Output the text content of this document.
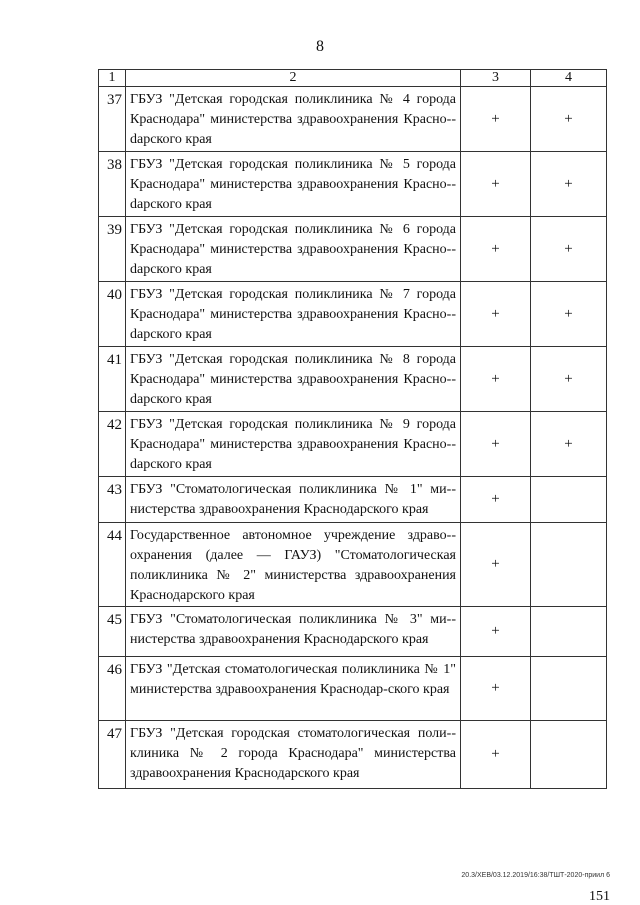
8
1	2	3	4
37	ГБУЗ "Детская городская поликлиника № 4 города Краснодара" министерства здравоохранения Красно-dарского края	+	+
38	ГБУЗ "Детская городская поликлиника № 5 города Краснодара" министерства здравоохранения Красно-dарского края	+	+
39	ГБУЗ "Детская городская поликлиника № 6 города Краснодара" министерства здравоохранения Красно-dарского края	+	+
40	ГБУЗ "Детская городская поликлиника № 7 города Краснодара" министерства здравоохранения Красно-dарского края	+	+
41	ГБУЗ "Детская городская поликлиника № 8 города Краснодара" министерства здравоохранения Красно-dарского края	+	+
42	ГБУЗ "Детская городская поликлиника № 9 города Краснодара" министерства здравоохранения Красно-dарского края	+	+
43	ГБУЗ "Стоматологическая поликлиника № 1" ми-нистерства здравоохранения Краснодарского края	+	
44	Государственное автономное учреждение здраво-охранения (далее — ГАУЗ) "Стоматологическая поликлиника № 2" министерства здравоохранения Краснодарского края	+	
45	ГБУЗ "Стоматологическая поликлиника № 3" ми-нистерства здравоохранения Краснодарского края	+	
46	ГБУЗ "Детская стоматологическая поликлиника № 1" министерства здравоохранения Краснодар-ского края	+	
47	ГБУЗ "Детская городская стоматологическая поли-клиника № 2 города Краснодара" министерства здравоохранения Краснодарского края	+	
20.3/ХЕВ/03.12.2019/16:38/ТШТ-2020-приил 6
151
